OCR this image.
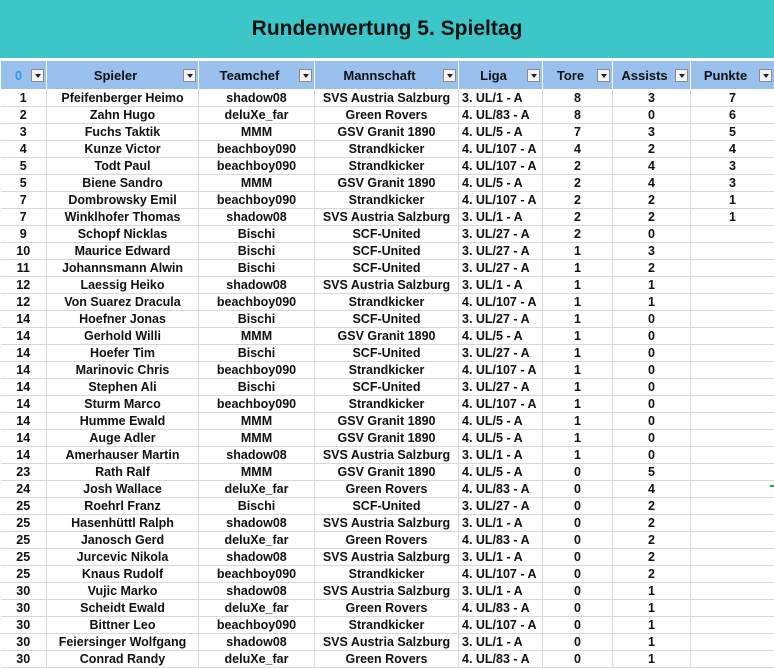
Rundenwertung 5. Spieltag
0	Spieler	Teamchef	Mannschaft	Liga	Tore	Assists	Punkte

1	Pfeifenberger Heimo	shadow08	SVS Austria Salzburg	3. UL/1 - A	8	3	7
2	Zahn Hugo	deluXe_far	Green Rovers	4. UL/83 - A	8	0	6
3	Fuchs Taktik	MMM	GSV Granit 1890	4. UL/5 - A	7	3	5
4	Kunze Victor	beachboy090	Strandkicker	4. UL/107 - A	4	2	4
5	Todt Paul	beachboy090	Strandkicker	4. UL/107 - A	2	4	3
5	Biene Sandro	MMM	GSV Granit 1890	4. UL/5 - A	2	4	3
7	Dombrowsky Emil	beachboy090	Strandkicker	4. UL/107 - A	2	2	1
7	Winklhofer Thomas	shadow08	SVS Austria Salzburg	3. UL/1 - A	2	2	1
9	Schopf Nicklas	Bischi	SCF-United	3. UL/27 - A	2	0	
10	Maurice Edward	Bischi	SCF-United	3. UL/27 - A	1	3	
11	Johannsmann Alwin	Bischi	SCF-United	3. UL/27 - A	1	2	
12	Laessig Heiko	shadow08	SVS Austria Salzburg	3. UL/1 - A	1	1	
12	Von Suarez Dracula	beachboy090	Strandkicker	4. UL/107 - A	1	1	
14	Hoefner Jonas	Bischi	SCF-United	3. UL/27 - A	1	0	
14	Gerhold Willi	MMM	GSV Granit 1890	4. UL/5 - A	1	0	
14	Hoefer Tim	Bischi	SCF-United	3. UL/27 - A	1	0	
14	Marinovic Chris	beachboy090	Strandkicker	4. UL/107 - A	1	0	
14	Stephen Ali	Bischi	SCF-United	3. UL/27 - A	1	0	
14	Sturm Marco	beachboy090	Strandkicker	4. UL/107 - A	1	0	
14	Humme Ewald	MMM	GSV Granit 1890	4. UL/5 - A	1	0	
14	Auge Adler	MMM	GSV Granit 1890	4. UL/5 - A	1	0	
14	Amerhauser Martin	shadow08	SVS Austria Salzburg	3. UL/1 - A	1	0	
23	Rath Ralf	MMM	GSV Granit 1890	4. UL/5 - A	0	5	
24	Josh Wallace	deluXe_far	Green Rovers	4. UL/83 - A	0	4	
25	Roehrl Franz	Bischi	SCF-United	3. UL/27 - A	0	2	
25	Hasenhüttl Ralph	shadow08	SVS Austria Salzburg	3. UL/1 - A	0	2	
25	Janosch Gerd	deluXe_far	Green Rovers	4. UL/83 - A	0	2	
25	Jurcevic Nikola	shadow08	SVS Austria Salzburg	3. UL/1 - A	0	2	
25	Knaus Rudolf	beachboy090	Strandkicker	4. UL/107 - A	0	2	
30	Vujic Marko	shadow08	SVS Austria Salzburg	3. UL/1 - A	0	1	
30	Scheidt Ewald	deluXe_far	Green Rovers	4. UL/83 - A	0	1	
30	Bittner Leo	beachboy090	Strandkicker	4. UL/107 - A	0	1	
30	Feiersinger Wolfgang	shadow08	SVS Austria Salzburg	3. UL/1 - A	0	1	
30	Conrad Randy	deluXe_far	Green Rovers	4. UL/83 - A	0	1	
